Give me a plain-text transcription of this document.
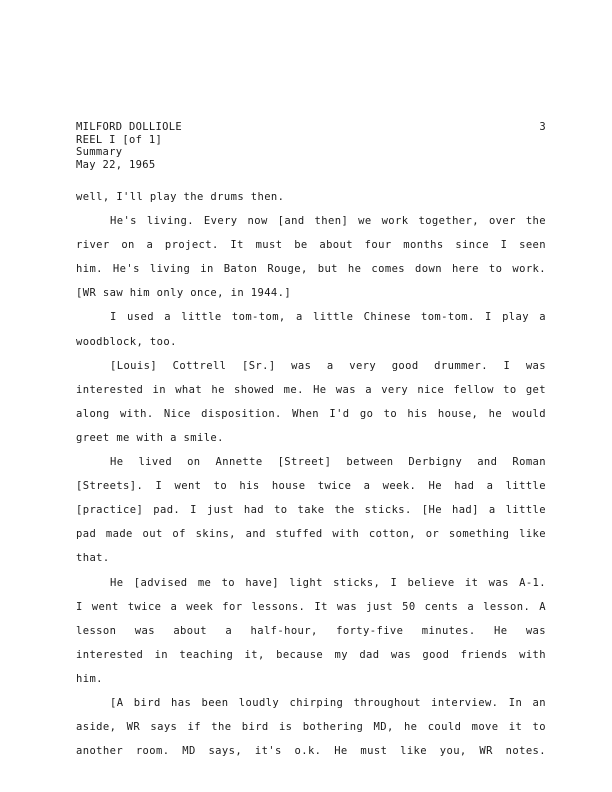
3
MILFORD DOLLIOLE
REEL I [of 1]
Summary
May 22, 1965
well, I'll play the drums then.
He's living. Every now [and then] we work together, over the
river on a project. It must be about four months since I seen
him. He's living in Baton Rouge, but he comes down here to work.
[WR saw him only once, in 1944.]
I used a little tom-tom, a little Chinese tom-tom. I play a
woodblock, too.
[Louis] Cottrell [Sr.] was a very good drummer. I was
interested in what he showed me. He was a very nice fellow to get
along with. Nice disposition. When I'd go to his house, he would
greet me with a smile.
He lived on Annette [Street] between Derbigny and Roman
[Streets]. I went to his house twice a week. He had a little
[practice] pad. I just had to take the sticks. [He had] a little
pad made out of skins, and stuffed with cotton, or something like
that.
He [advised me to have] light sticks, I believe it was A-1.
I went twice a week for lessons. It was just 50 cents a lesson. A
lesson was about a half-hour, forty-five minutes. He was
interested in teaching it, because my dad was good friends with
him.
[A bird has been loudly chirping throughout interview. In an
aside, WR says if the bird is bothering MD, he could move it to
another room. MD says, it's o.k. He must like you, WR notes.
